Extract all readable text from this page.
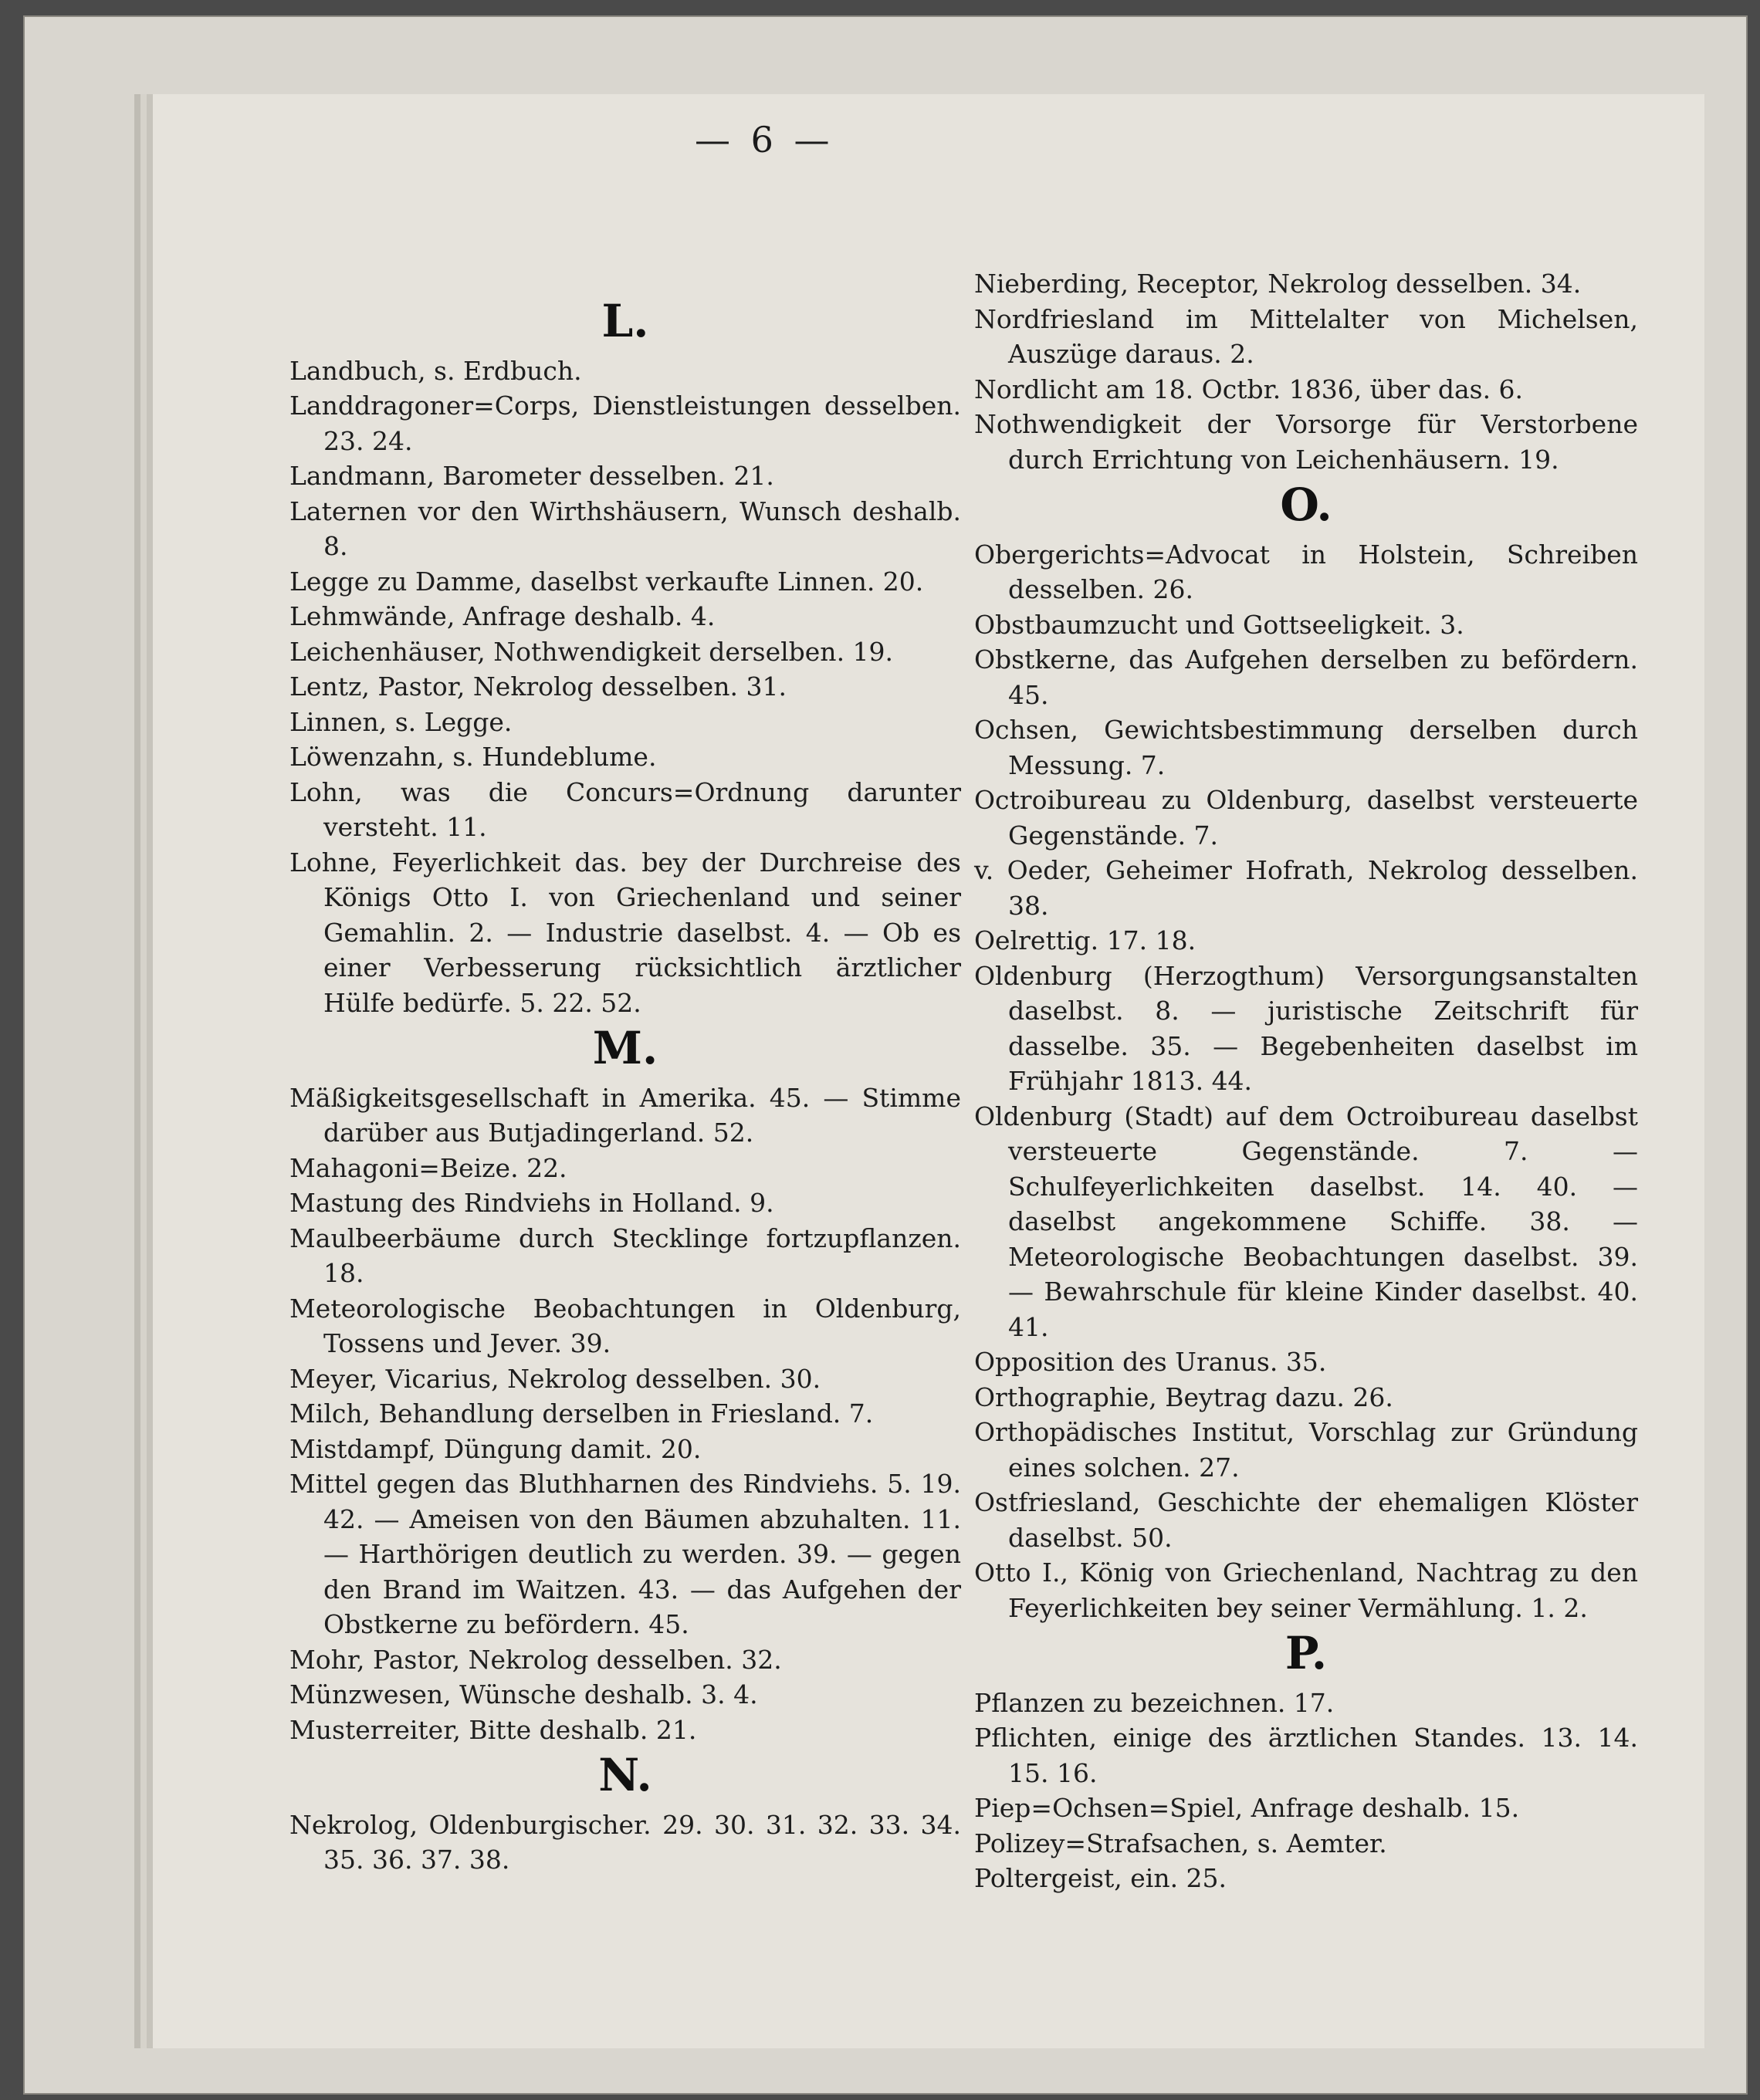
— 6 —
L.

Landbuch, s. Erdbuch.

Landdragoner=Corps, Dienstleistungen desselben. 23. 24.

Landmann, Barometer desselben. 21.

Laternen vor den Wirthshäusern, Wunsch deshalb. 8.

Legge zu Damme, daselbst verkaufte Linnen. 20.

Lehmwände, Anfrage deshalb. 4.

Leichenhäuser, Nothwendigkeit derselben. 19.

Lentz, Pastor, Nekrolog desselben. 31.

Linnen, s. Legge.

Löwenzahn, s. Hundeblume.

Lohn, was die Concurs=Ordnung darunter versteht. 11.

Lohne, Feyerlichkeit das. bey der Durchreise des Königs Otto I. von Griechenland und seiner Gemahlin. 2. — Industrie daselbst. 4. — Ob es einer Verbesserung rücksichtlich ärztlicher Hülfe bedürfe. 5. 22. 52.

M.

Mäßigkeitsgesellschaft in Amerika. 45. — Stimme darüber aus Butjadingerland. 52.

Mahagoni=Beize. 22.

Mastung des Rindviehs in Holland. 9.

Maulbeerbäume durch Stecklinge fortzupflanzen. 18.

Meteorologische Beobachtungen in Oldenburg, Tossens und Jever. 39.

Meyer, Vicarius, Nekrolog desselben. 30.

Milch, Behandlung derselben in Friesland. 7.

Mistdampf, Düngung damit. 20.

Mittel gegen das Bluthharnen des Rindviehs. 5. 19. 42. — Ameisen von den Bäumen abzuhalten. 11. — Harthörigen deutlich zu werden. 39. — gegen den Brand im Waitzen. 43. — das Aufgehen der Obstkerne zu befördern. 45.

Mohr, Pastor, Nekrolog desselben. 32.

Münzwesen, Wünsche deshalb. 3. 4.

Musterreiter, Bitte deshalb. 21.

N.

Nekrolog, Oldenburgischer. 29. 30. 31. 32. 33. 34. 35. 36. 37. 38.

Nieberding, Receptor, Nekrolog desselben. 34.

Nordfriesland im Mittelalter von Michelsen, Auszüge daraus. 2.

Nordlicht am 18. Octbr. 1836, über das. 6.

Nothwendigkeit der Vorsorge für Verstorbene durch Errichtung von Leichenhäusern. 19.

O.

Obergerichts=Advocat in Holstein, Schreiben desselben. 26.

Obstbaumzucht und Gottseeligkeit. 3.

Obstkerne, das Aufgehen derselben zu befördern. 45.

Ochsen, Gewichtsbestimmung derselben durch Messung. 7.

Octroibureau zu Oldenburg, daselbst versteuerte Gegenstände. 7.

v. Oeder, Geheimer Hofrath, Nekrolog desselben. 38.

Oelrettig. 17. 18.

Oldenburg (Herzogthum) Versorgungsanstalten daselbst. 8. — juristische Zeitschrift für dasselbe. 35. — Begebenheiten daselbst im Frühjahr 1813. 44.

Oldenburg (Stadt) auf dem Octroibureau daselbst versteuerte Gegenstände. 7. — Schulfeyerlichkeiten daselbst. 14. 40. — daselbst angekommene Schiffe. 38. — Meteorologische Beobachtungen daselbst. 39. — Bewahrschule für kleine Kinder daselbst. 40. 41.

Opposition des Uranus. 35.

Orthographie, Beytrag dazu. 26.

Orthopädisches Institut, Vorschlag zur Gründung eines solchen. 27.

Ostfriesland, Geschichte der ehemaligen Klöster daselbst. 50.

Otto I., König von Griechenland, Nachtrag zu den Feyerlichkeiten bey seiner Vermählung. 1. 2.

P.

Pflanzen zu bezeichnen. 17.

Pflichten, einige des ärztlichen Standes. 13. 14. 15. 16.

Piep=Ochsen=Spiel, Anfrage deshalb. 15.

Polizey=Strafsachen, s. Aemter.

Poltergeist, ein. 25.
